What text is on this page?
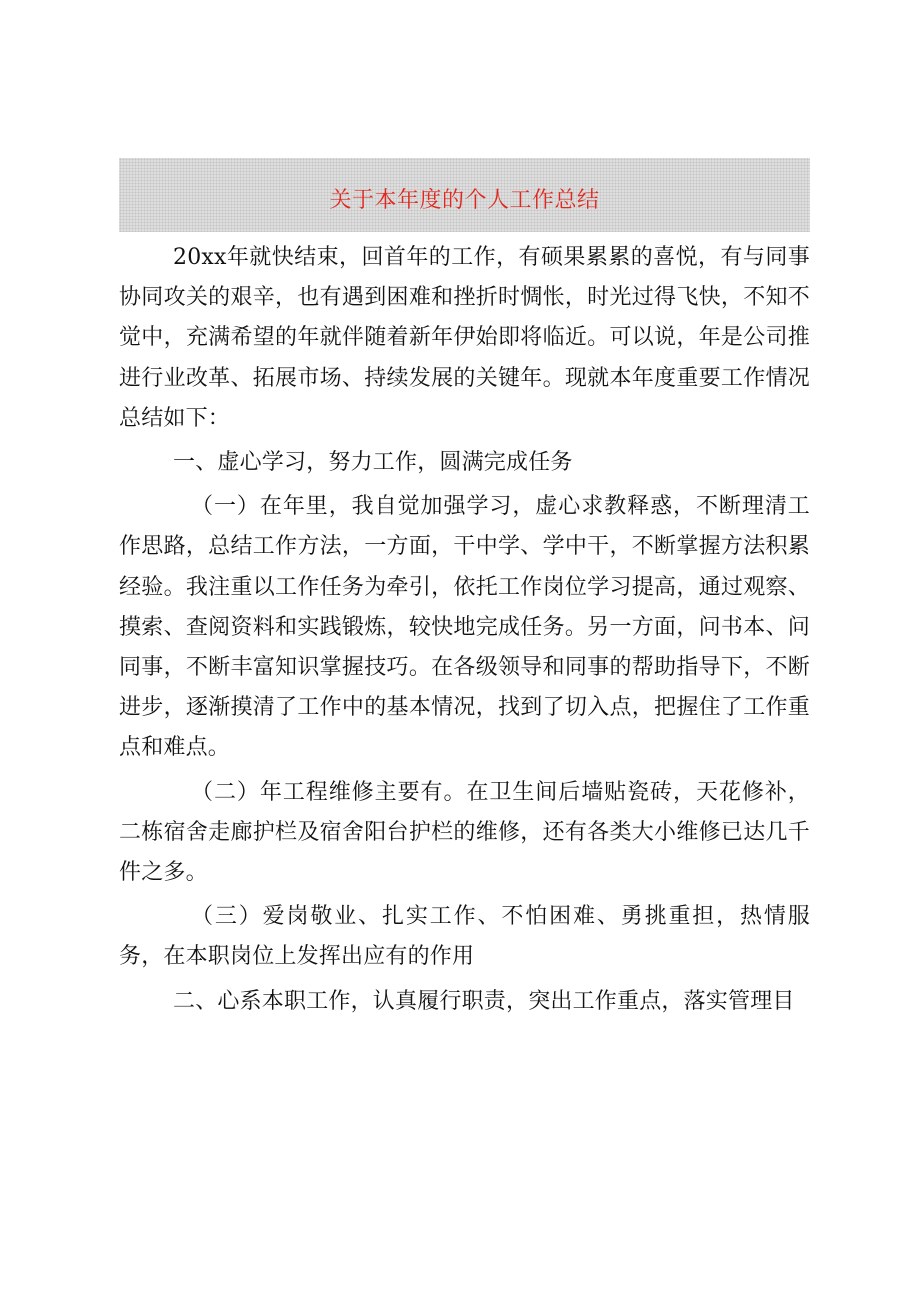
关于本年度的个人工作总结

20xx年就快结束，回首年的工作，有硕果累累的喜悦，有与同事协同攻关的艰辛，也有遇到困难和挫折时惆怅，时光过得飞快，不知不觉中，充满希望的年就伴随着新年伊始即将临近。可以说，年是公司推进行业改革、拓展市场、持续发展的关键年。现就本年度重要工作情况总结如下：

一、虚心学习，努力工作，圆满完成任务

（一）在年里，我自觉加强学习，虚心求教释惑，不断理清工作思路，总结工作方法，一方面，干中学、学中干，不断掌握方法积累经验。我注重以工作任务为牵引，依托工作岗位学习提高，通过观察、摸索、查阅资料和实践锻炼，较快地完成任务。另一方面，问书本、问同事，不断丰富知识掌握技巧。在各级领导和同事的帮助指导下，不断进步，逐渐摸清了工作中的基本情况，找到了切入点，把握住了工作重点和难点。

（二）年工程维修主要有。在卫生间后墙贴瓷砖，天花修补，二栋宿舍走廊护栏及宿舍阳台护栏的维修，还有各类大小维修已达几千件之多。

（三）爱岗敬业、扎实工作、不怕困难、勇挑重担，热情服务，在本职岗位上发挥出应有的作用

二、心系本职工作，认真履行职责，突出工作重点，落实管理目
